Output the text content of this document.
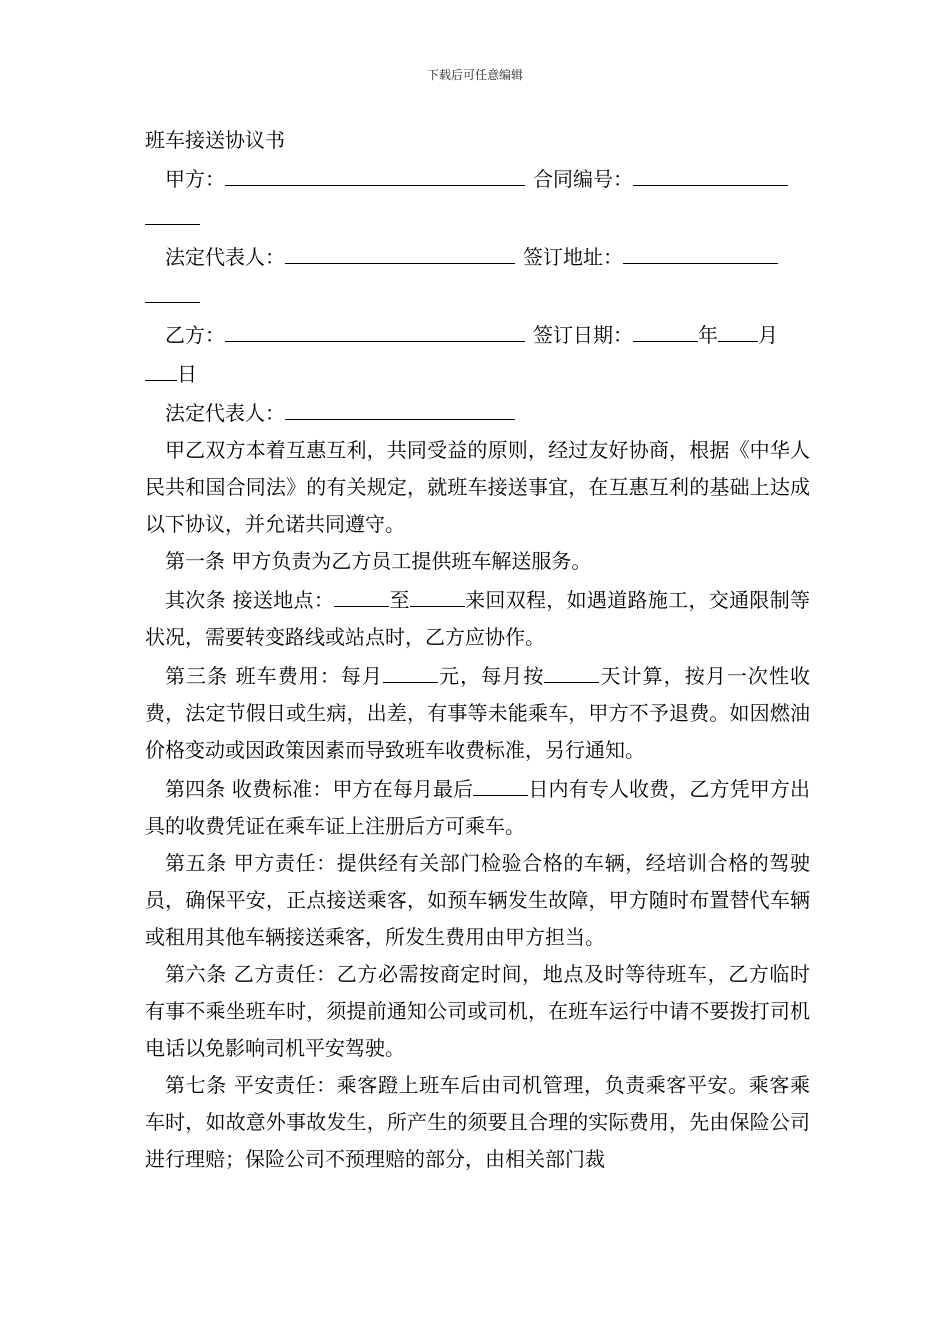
下载后可任意编辑

班车接送协议书

甲方：	合同编号：

法定代表人：	签订地址：

乙方：	签订日期：	年 月

日

法定代表人：

甲乙双方本着互惠互利，共同受益的原则，经过友好协商，根据《中华人民共和国合同法》的有关规定，就班车接送事宜，在互惠互利的基础上达成以下协议，并允诺共同遵守。

第一条 甲方负责为乙方员工提供班车解送服务。

其次条 接送地点：	至	来回双程，如遇道路施工，交通限制等状况，需要转变路线或站点时，乙方应协作。

第三条 班车费用：每月	元，每月按	天计算，按月一次性收费，法定节假日或生病，出差，有事等未能乘车，甲方不予退费。如因燃油价格变动或因政策因素而导致班车收费标准，另行通知。

第四条 收费标准：甲方在每月最后	日内有专人收费，乙方凭甲方出具的收费凭证在乘车证上注册后方可乘车。

第五条 甲方责任：提供经有关部门检验合格的车辆，经培训合格的驾驶员，确保平安，正点接送乘客，如预车辆发生故障，甲方随时布置替代车辆或租用其他车辆接送乘客，所发生费用由甲方担当。

第六条 乙方责任：乙方必需按商定时间，地点及时等待班车，乙方临时有事不乘坐班车时，须提前通知公司或司机，在班车运行中请不要拨打司机电话以免影响司机平安驾驶。

第七条 平安责任：乘客蹬上班车后由司机管理，负责乘客平安。乘客乘车时，如故意外事故发生，所产生的须要且合理的实际费用，先由保险公司进行理赔；保险公司不预理赔的部分，由相关部门裁
